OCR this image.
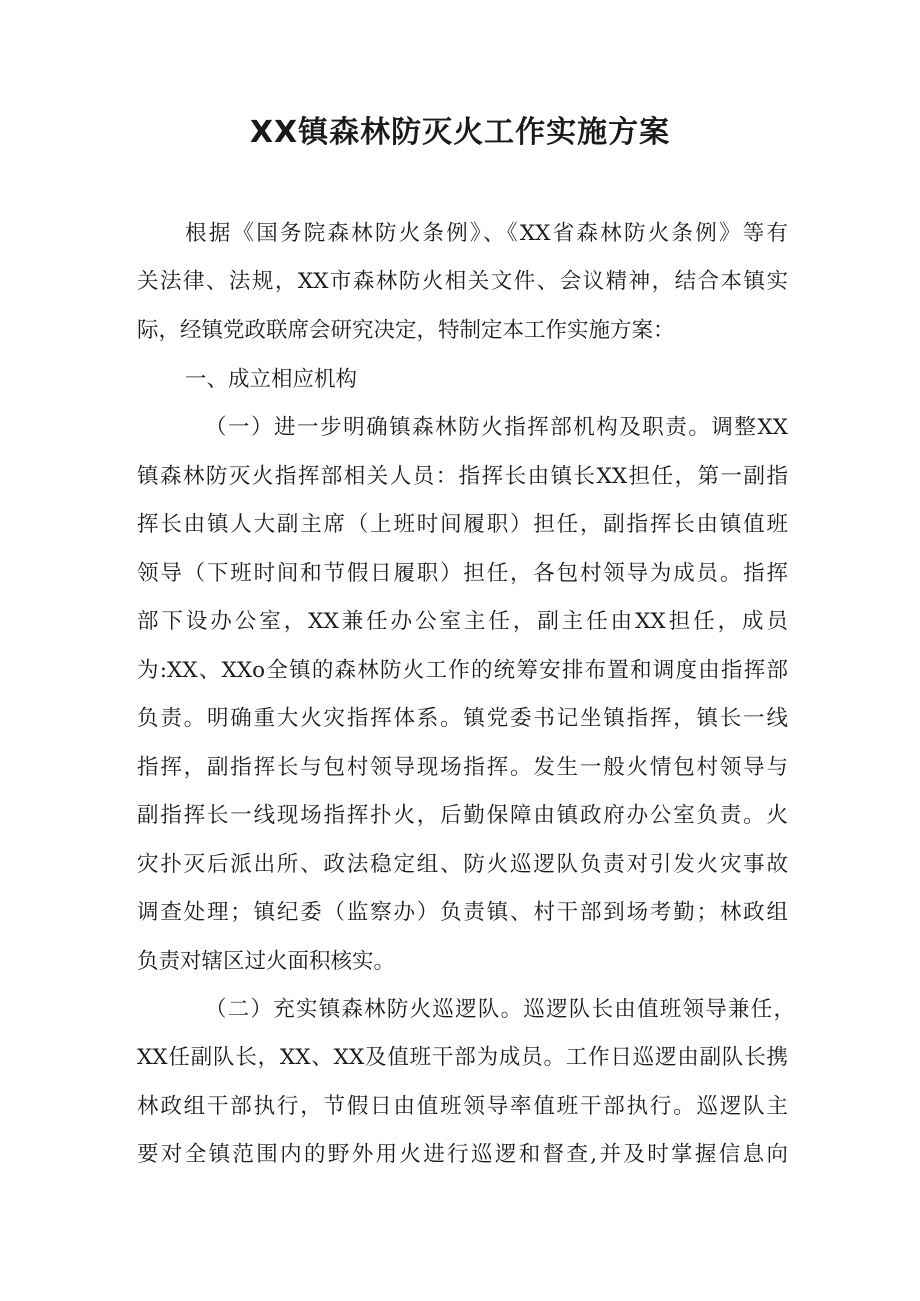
XX镇森林防灭火工作实施方案
根据《国务院森林防火条例》、《XX省森林防火条例》等有
关法律、法规，XX市森林防火相关文件、会议精神，结合本镇实
际，经镇党政联席会研究决定，特制定本工作实施方案：
一、成立相应机构
（一）进一步明确镇森林防火指挥部机构及职责。调整XX
镇森林防灭火指挥部相关人员：指挥长由镇长XX担任，第一副指
挥长由镇人大副主席（上班时间履职）担任，副指挥长由镇值班
领导（下班时间和节假日履职）担任，各包村领导为成员。指挥
部下设办公室，XX兼任办公室主任，副主任由XX担任，成员
为:XX、XXo全镇的森林防火工作的统筹安排布置和调度由指挥部
负责。明确重大火灾指挥体系。镇党委书记坐镇指挥，镇长一线
指挥，副指挥长与包村领导现场指挥。发生一般火情包村领导与
副指挥长一线现场指挥扑火，后勤保障由镇政府办公室负责。火
灾扑灭后派出所、政法稳定组、防火巡逻队负责对引发火灾事故
调查处理；镇纪委（监察办）负责镇、村干部到场考勤；林政组
负责对辖区过火面积核实。
（二）充实镇森林防火巡逻队。巡逻队长由值班领导兼任，
XX任副队长，XX、XX及值班干部为成员。工作日巡逻由副队长携
林政组干部执行，节假日由值班领导率值班干部执行。巡逻队主
要对全镇范围内的野外用火进行巡逻和督查,并及时掌握信息向
